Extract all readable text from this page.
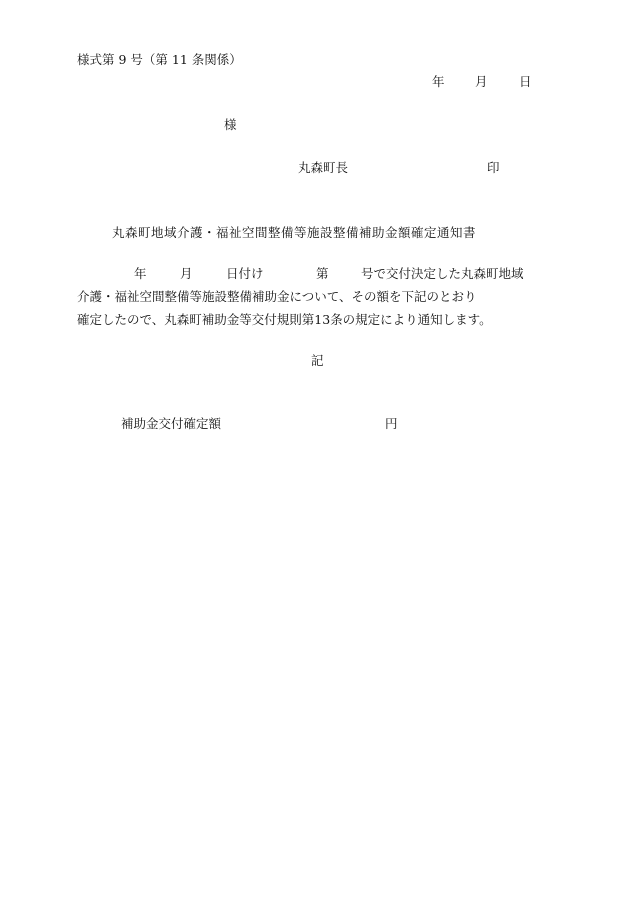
様式第 9 号（第 11 条関係）
年 月	日
様
丸森町長	印
丸森町地域介護・福祉空間整備等施設整備補助金額確定通知書
年	月	日付け	第	号で交付決定した丸森町地域
介護・福祉空間整備等施設整備補助金について、その額を下記のとおり
確定したので、丸森町補助金等交付規則第13条の規定により通知します。
記
補助金交付確定額	円
